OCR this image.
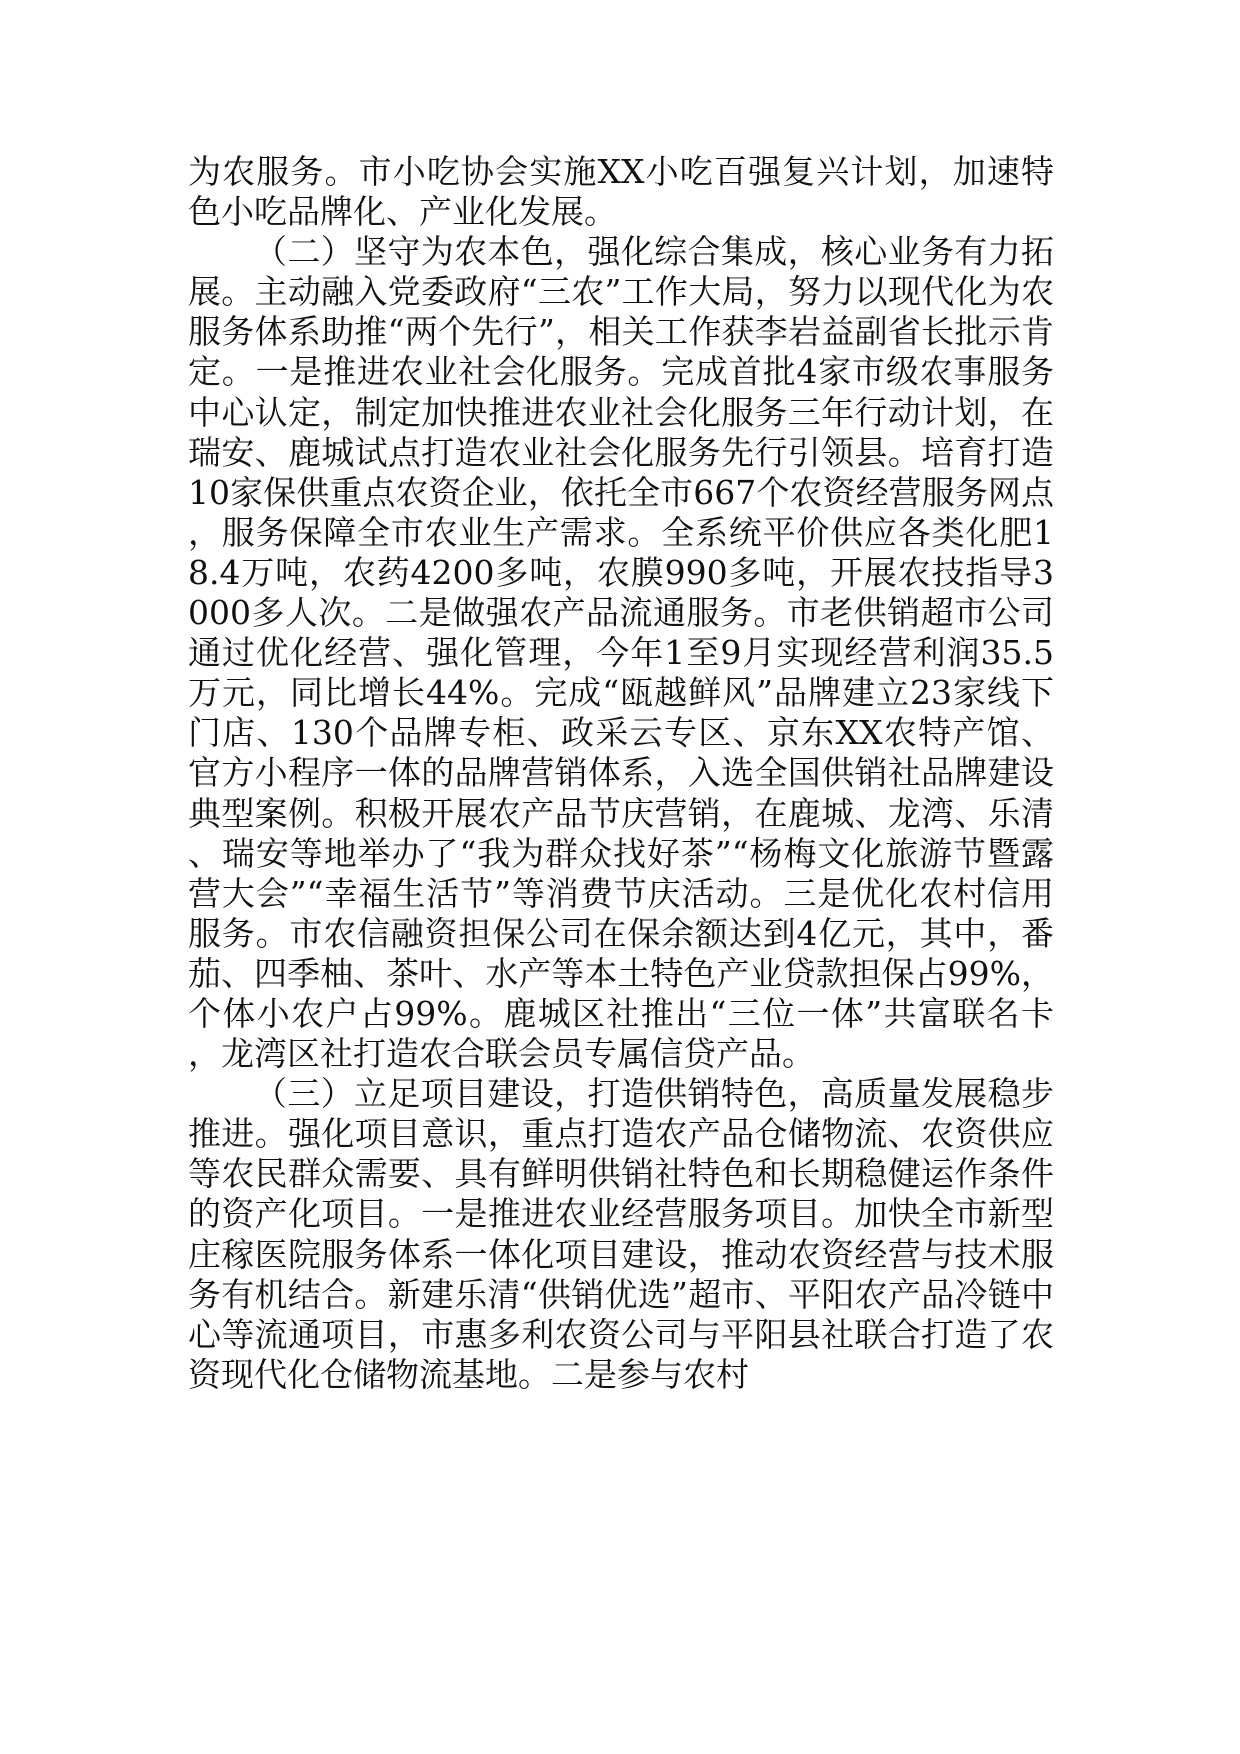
为农服务。市小吃协会实施XX小吃百强复兴计划，加速特色小吃品牌化、产业化发展。

（二）坚守为农本色，强化综合集成，核心业务有力拓展。主动融入党委政府“三农”工作大局，努力以现代化为农服务体系助推“两个先行”，相关工作获李岩益副省长批示肯定。一是推进农业社会化服务。完成首批4家市级农事服务中心认定，制定加快推进农业社会化服务三年行动计划，在瑞安、鹿城试点打造农业社会化服务先行引领县。培育打造10家保供重点农资企业，依托全市667个农资经营服务网点，服务保障全市农业生产需求。全系统平价供应各类化肥18.4万吨，农药4200多吨，农膜990多吨，开展农技指导3000多人次。二是做强农产品流通服务。市老供销超市公司通过优化经营、强化管理，今年1至9月实现经营利润35.5万元，同比增长44%。完成“瓯越鲜风”品牌建立23家线下门店、130个品牌专柜、政采云专区、京东XX农特产馆、官方小程序一体的品牌营销体系，入选全国供销社品牌建设典型案例。积极开展农产品节庆营销，在鹿城、龙湾、乐清、瑞安等地举办了“我为群众找好茶”“杨梅文化旅游节暨露营大会”“幸福生活节”等消费节庆活动。三是优化农村信用服务。市农信融资担保公司在保余额达到4亿元，其中，番茄、四季柚、茶叶、水产等本土特色产业贷款担保占99%，个体小农户占99%。鹿城区社推出“三位一体”共富联名卡，龙湾区社打造农合联会员专属信贷产品。

（三）立足项目建设，打造供销特色，高质量发展稳步推进。强化项目意识，重点打造农产品仓储物流、农资供应等农民群众需要、具有鲜明供销社特色和长期稳健运作条件的资产化项目。一是推进农业经营服务项目。加快全市新型庄稼医院服务体系一体化项目建设，推动农资经营与技术服务有机结合。新建乐清“供销优选”超市、平阳农产品冷链中心等流通项目，市惠多利农资公司与平阳县社联合打造了农资现代化仓储物流基地。二是参与农村
